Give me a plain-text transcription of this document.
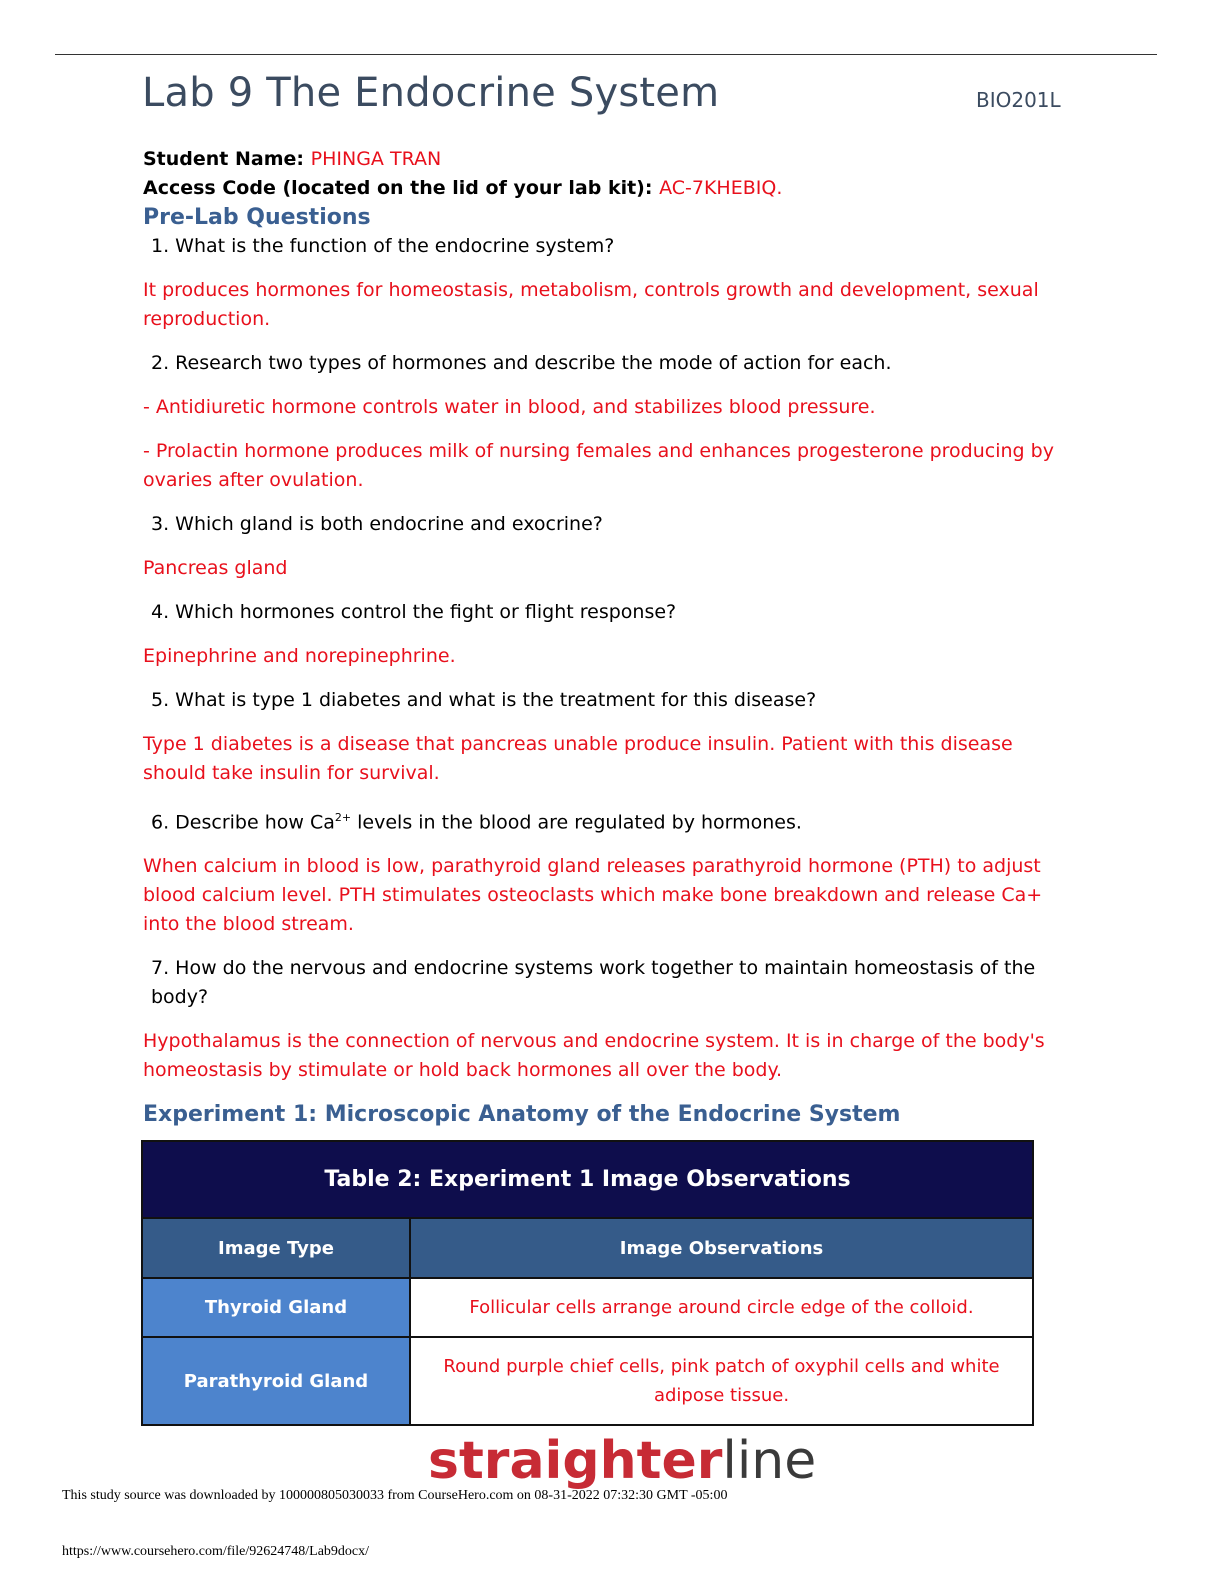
Lab 9 The Endocrine System	BIO201L

Student Name: PHINGA TRAN

Access Code (located on the lid of your lab kit): AC-7KHEBIQ.

Pre-Lab Questions

1. What is the function of the endocrine system?

It produces hormones for homeostasis, metabolism, controls growth and development, sexual reproduction.

2. Research two types of hormones and describe the mode of action for each.

- Antidiuretic hormone controls water in blood, and stabilizes blood pressure.

- Prolactin hormone produces milk of nursing females and enhances progesterone producing by ovaries after ovulation.

3. Which gland is both endocrine and exocrine?

Pancreas gland

4. Which hormones control the fight or flight response?

Epinephrine and norepinephrine.

5. What is type 1 diabetes and what is the treatment for this disease?

Type 1 diabetes is a disease that pancreas unable produce insulin. Patient with this disease should take insulin for survival.

6. Describe how $Ca^{2+}$ levels in the blood are regulated by hormones.

When calcium in blood is low, parathyroid gland releases parathyroid hormone (PTH) to adjust blood calcium level. PTH stimulates osteoclasts which make bone breakdown and release Ca+ into the blood stream.

7. How do the nervous and endocrine systems work together to maintain homeostasis of the body?

Hypothalamus is the connection of nervous and endocrine system. It is in charge of the body's homeostasis by stimulate or hold back hormones all over the body.

Experiment 1: Microscopic Anatomy of the Endocrine System

Table 2: Experiment 1 Image Observations	
Image Type	Image Observations
Thyroid Gland	Follicular cells arrange around circle edge of the colloid.
Parathyroid Gland	Round purple chief cells, pink patch of oxyphil cells and white adipose tissue.
straighterline
This study source was downloaded by 100000805030033 from CourseHero.com on 08-31-2022 07:32:30 GMT -05:00
https://www.coursehero.com/file/92624748/Lab9docx/
